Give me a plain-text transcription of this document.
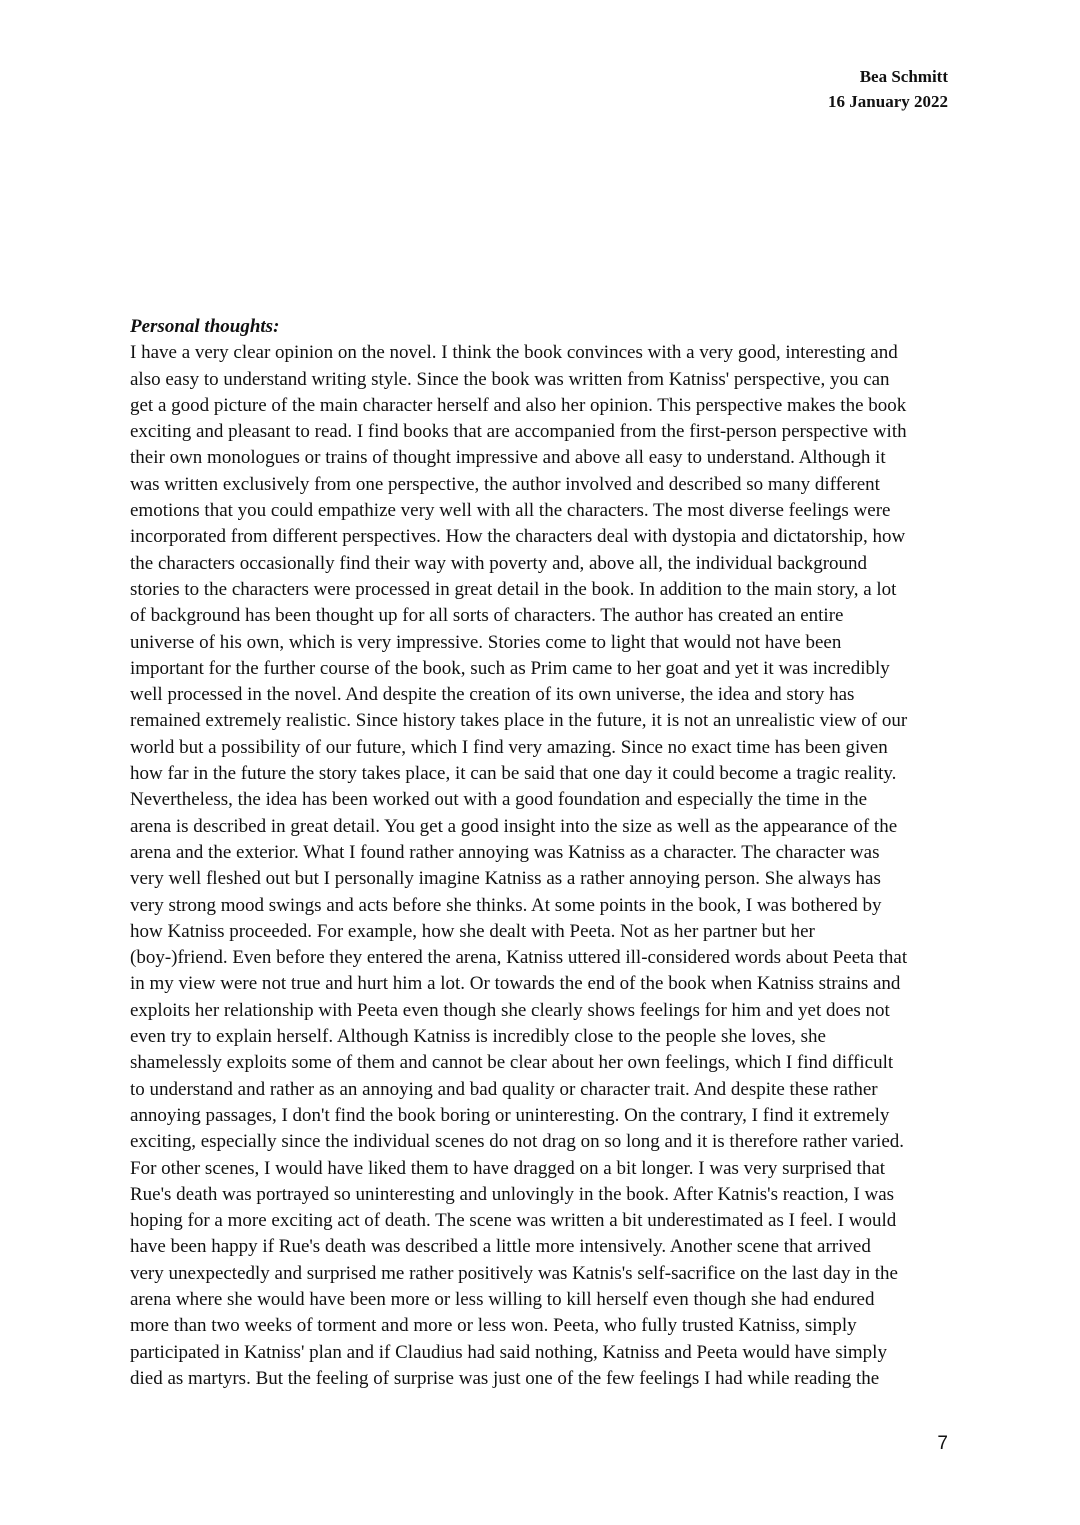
Bea Schmitt
16 January 2022
Personal thoughts:
I have a very clear opinion on the novel. I think the book convinces with a very good, interesting and
also easy to understand writing style. Since the book was written from Katniss' perspective, you can
get a good picture of the main character herself and also her opinion. This perspective makes the book
exciting and pleasant to read. I find books that are accompanied from the first-person perspective with
their own monologues or trains of thought impressive and above all easy to understand. Although it
was written exclusively from one perspective, the author involved and described so many different
emotions that you could empathize very well with all the characters. The most diverse feelings were
incorporated from different perspectives. How the characters deal with dystopia and dictatorship, how
the characters occasionally find their way with poverty and, above all, the individual background
stories to the characters were processed in great detail in the book. In addition to the main story, a lot
of background has been thought up for all sorts of characters. The author has created an entire
universe of his own, which is very impressive. Stories come to light that would not have been
important for the further course of the book, such as Prim came to her goat and yet it was incredibly
well processed in the novel. And despite the creation of its own universe, the idea and story has
remained extremely realistic. Since history takes place in the future, it is not an unrealistic view of our
world but a possibility of our future, which I find very amazing. Since no exact time has been given
how far in the future the story takes place, it can be said that one day it could become a tragic reality.
Nevertheless, the idea has been worked out with a good foundation and especially the time in the
arena is described in great detail. You get a good insight into the size as well as the appearance of the
arena and the exterior. What I found rather annoying was Katniss as a character. The character was
very well fleshed out but I personally imagine Katniss as a rather annoying person. She always has
very strong mood swings and acts before she thinks. At some points in the book, I was bothered by
how Katniss proceeded. For example, how she dealt with Peeta. Not as her partner but her
(boy-)friend. Even before they entered the arena, Katniss uttered ill-considered words about Peeta that
in my view were not true and hurt him a lot. Or towards the end of the book when Katniss strains and
exploits her relationship with Peeta even though she clearly shows feelings for him and yet does not
even try to explain herself. Although Katniss is incredibly close to the people she loves, she
shamelessly exploits some of them and cannot be clear about her own feelings, which I find difficult
to understand and rather as an annoying and bad quality or character trait. And despite these rather
annoying passages, I don't find the book boring or uninteresting. On the contrary, I find it extremely
exciting, especially since the individual scenes do not drag on so long and it is therefore rather varied.
For other scenes, I would have liked them to have dragged on a bit longer. I was very surprised that
Rue's death was portrayed so uninteresting and unlovingly in the book. After Katnis's reaction, I was
hoping for a more exciting act of death. The scene was written a bit underestimated as I feel. I would
have been happy if Rue's death was described a little more intensively. Another scene that arrived
very unexpectedly and surprised me rather positively was Katnis's self-sacrifice on the last day in the
arena where she would have been more or less willing to kill herself even though she had endured
more than two weeks of torment and more or less won. Peeta, who fully trusted Katniss, simply
participated in Katniss' plan and if Claudius had said nothing, Katniss and Peeta would have simply
died as martyrs. But the feeling of surprise was just one of the few feelings I had while reading the
7
